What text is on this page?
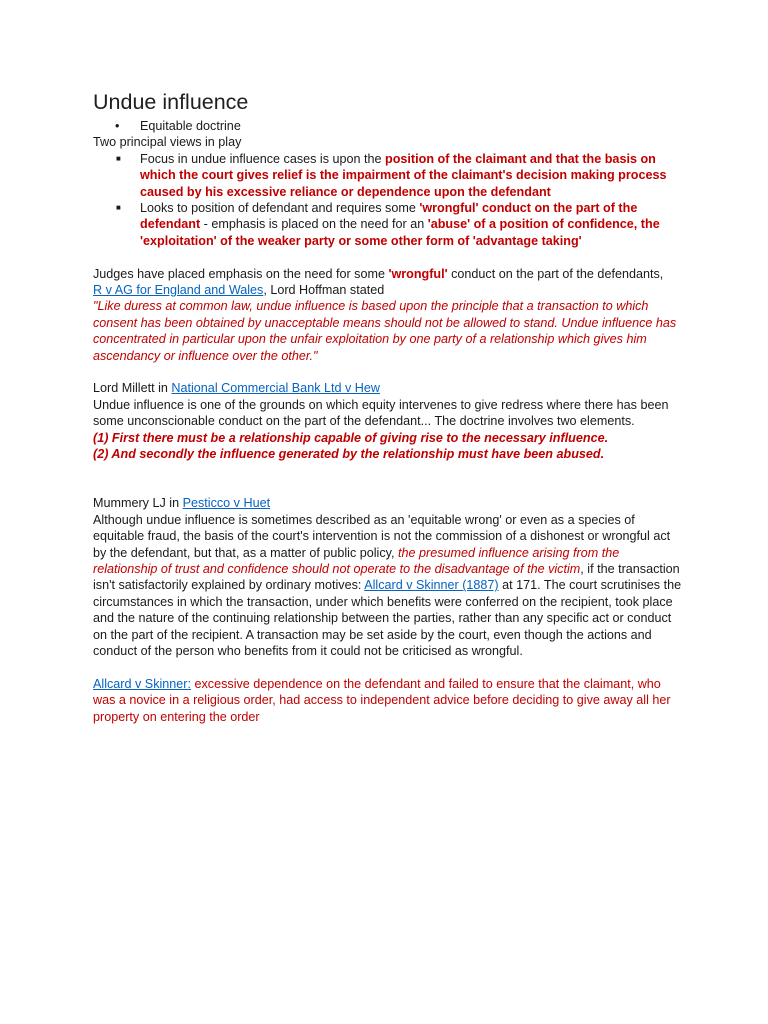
Undue influence

• Equitable doctrine

Two principal views in play

■ Focus in undue influence cases is upon the position of the claimant and that the basis on which the court gives relief is the impairment of the claimant's decision making process caused by his excessive reliance or dependence upon the defendant

■ Looks to position of defendant and requires some 'wrongful' conduct on the part of the defendant - emphasis is placed on the need for an 'abuse' of a position of confidence, the 'exploitation' of the weaker party or some other form of 'advantage taking'

Judges have placed emphasis on the need for some 'wrongful' conduct on the part of the defendants,

R v AG for England and Wales, Lord Hoffman stated

"Like duress at common law, undue influence is based upon the principle that a transaction to which consent has been obtained by unacceptable means should not be allowed to stand. Undue influence has concentrated in particular upon the unfair exploitation by one party of a relationship which gives him ascendancy or influence over the other."

Lord Millett in National Commercial Bank Ltd v Hew

Undue influence is one of the grounds on which equity intervenes to give redress where there has been some unconscionable conduct on the part of the defendant... The doctrine involves two elements.

(1) First there must be a relationship capable of giving rise to the necessary influence.

(2) And secondly the influence generated by the relationship must have been abused.

Mummery LJ in Pesticco v Huet

Although undue influence is sometimes described as an 'equitable wrong' or even as a species of equitable fraud, the basis of the court's intervention is not the commission of a dishonest or wrongful act by the defendant, but that, as a matter of public policy, the presumed influence arising from the relationship of trust and confidence should not operate to the disadvantage of the victim, if the transaction isn't satisfactorily explained by ordinary motives: Allcard v Skinner (1887) at 171. The court scrutinises the circumstances in which the transaction, under which benefits were conferred on the recipient, took place and the nature of the continuing relationship between the parties, rather than any specific act or conduct on the part of the recipient. A transaction may be set aside by the court, even though the actions and conduct of the person who benefits from it could not be criticised as wrongful.

Allcard v Skinner: excessive dependence on the defendant and failed to ensure that the claimant, who was a novice in a religious order, had access to independent advice before deciding to give away all her property on entering the order
